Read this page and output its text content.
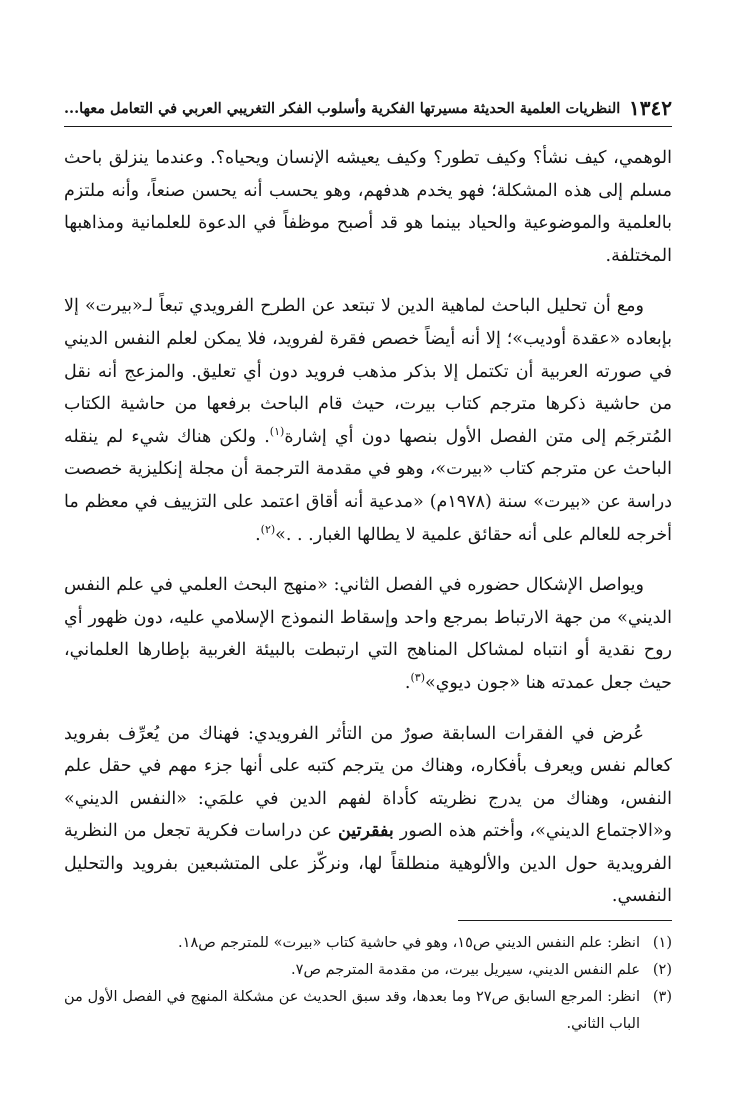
١٣٤٢
النظريات العلمية الحديثة مسيرتها الفكرية وأسلوب الفكر التغريبي العربي في التعامل معها...

الوهمي، كيف نشأ؟ وكيف تطور؟ وكيف يعيشه الإنسان ويحياه؟. وعندما ينزلق باحث مسلم إلى هذه المشكلة؛ فهو يخدم هدفهم، وهو يحسب أنه يحسن صنعاً، وأنه ملتزم بالعلمية والموضوعية والحياد بينما هو قد أصبح موظفاً في الدعوة للعلمانية ومذاهبها المختلفة.

ومع أن تحليل الباحث لماهية الدين لا تبتعد عن الطرح الفرويدي تبعاً لـ«بيرت» إلا بإبعاده «عقدة أوديب»؛ إلا أنه أيضاً خصص فقرة لفرويد، فلا يمكن لعلم النفس الديني في صورته العربية أن تكتمل إلا بذكر مذهب فرويد دون أي تعليق. والمزعج أنه نقل من حاشية ذكرها مترجم كتاب بيرت، حيث قام الباحث برفعها من حاشية الكتاب المُترجَم إلى متن الفصل الأول بنصها دون أي إشارة$^{(١)}$. ولكن هناك شيء لم ينقله الباحث عن مترجم كتاب «بيرت»، وهو في مقدمة الترجمة أن مجلة إنكليزية خصصت دراسة عن «بيرت» سنة (١٩٧٨م) «مدعية أنه أقاق اعتمد على التزييف في معظم ما أخرجه للعالم على أنه حقائق علمية لا يطالها الغبار. . .»$^{(٢)}$.

ويواصل الإشكال حضوره في الفصل الثاني: «منهج البحث العلمي في علم النفس الديني» من جهة الارتباط بمرجع واحد وإسقاط النموذج الإسلامي عليه، دون ظهور أي روح نقدية أو انتباه لمشاكل المناهج التي ارتبطت بالبيئة الغربية بإطارها العلماني، حيث جعل عمدته هنا «جون ديوي»$^{(٣)}$.

عُرض في الفقرات السابقة صورٌ من التأثر الفرويدي: فهناك من يُعرِّف بفرويد كعالم نفس ويعرف بأفكاره، وهناك من يترجم كتبه على أنها جزء مهم في حقل علم النفس، وهناك من يدرج نظريته كأداة لفهم الدين في علمَي: «النفس الديني» و«الاجتماع الديني»، وأختم هذه الصور بفقرتين عن دراسات فكرية تجعل من النظرية الفرويدية حول الدين والألوهية منطلقاً لها، ونركّز على المتشبعين بفرويد والتحليل النفسي.

(١)
انظر: علم النفس الديني ص١٥، وهو في حاشية كتاب «بيرت» للمترجم ص١٨.
(٢)
علم النفس الديني، سيريل بيرت، من مقدمة المترجم ص٧.
(٣)
انظر: المرجع السابق ص٢٧ وما بعدها، وقد سبق الحديث عن مشكلة المنهج في الفصل الأول من الباب الثاني.
